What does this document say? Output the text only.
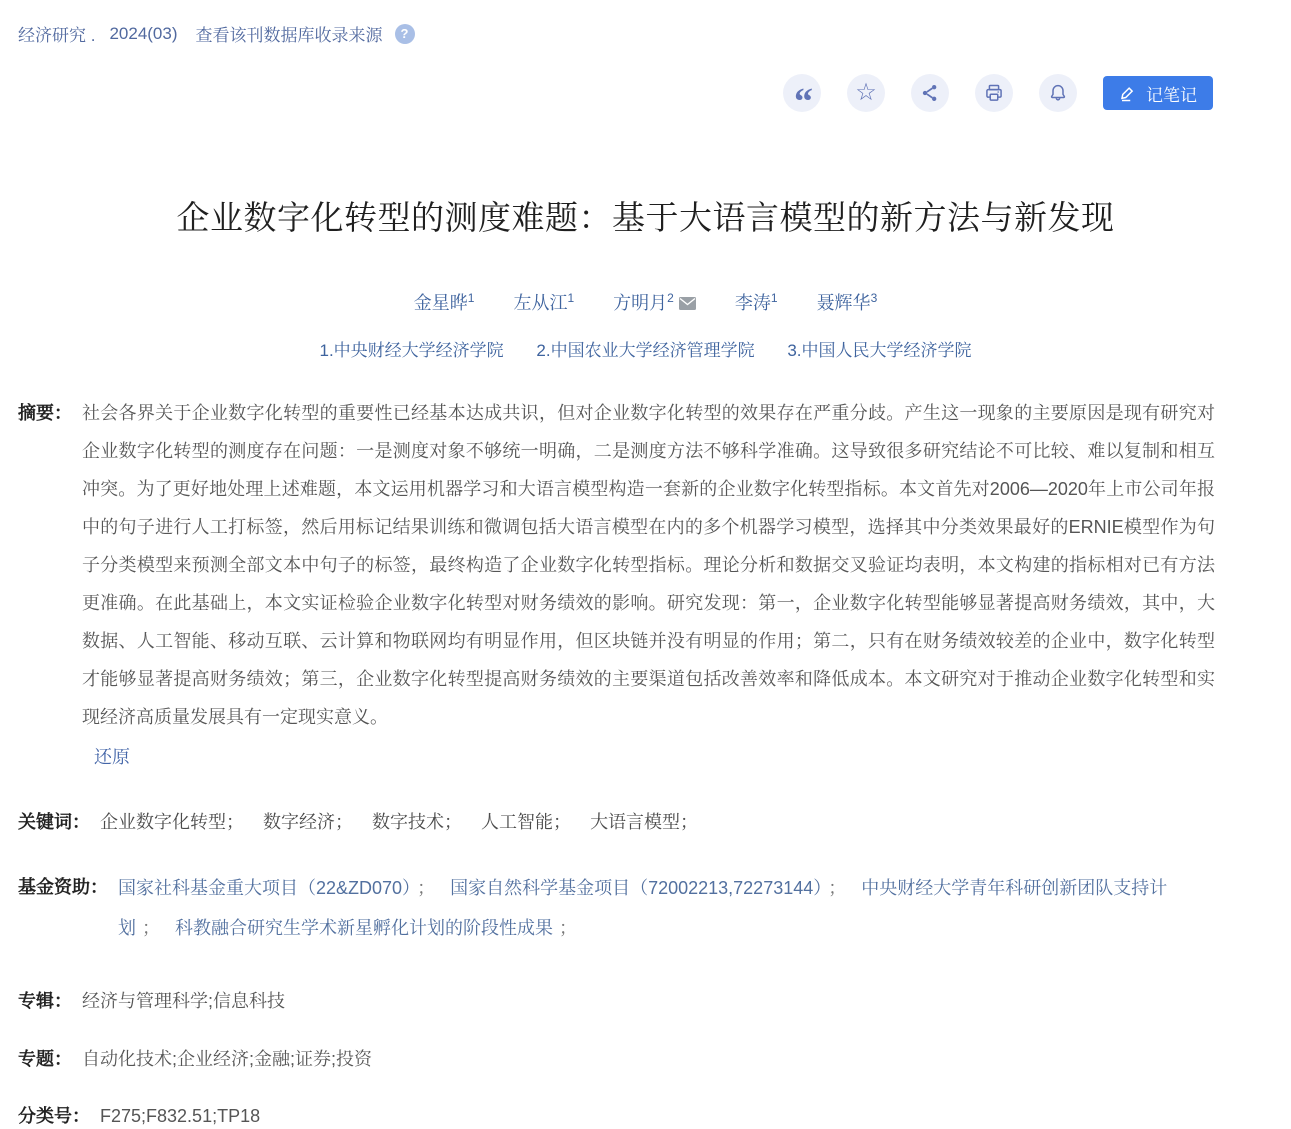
经济研究 . 2024(03) 查看该刊数据库收录来源	?
“ ☆	记笔记
企业数字化转型的测度难题：基于大语言模型的新方法与新发现
金星晔$^1$ 左从江$^1$ 方明月$^2$	李涛$^1$ 聂辉华$^3$
1.中央财经大学经济学院 2.中国农业大学经济管理学院 3.中国人民大学经济学院
摘要： 社会各界关于企业数字化转型的重要性已经基本达成共识，但对企业数字化转型的效果存在严重分歧。产生这一现象的主要原因是现有研究对企业数字化转型的测度存在问题：一是测度对象不够统一明确，二是测度方法不够科学准确。这导致很多研究结论不可比较、难以复制和相互冲突。为了更好地处理上述难题，本文运用机器学习和大语言模型构造一套新的企业数字化转型指标。本文首先对2006—2020年上市公司年报中的句子进行人工打标签，然后用标记结果训练和微调包括大语言模型在内的多个机器学习模型，选择其中分类效果最好的ERNIE模型作为句子分类模型来预测全部文本中句子的标签，最终构造了企业数字化转型指标。理论分析和数据交叉验证均表明，本文构建的指标相对已有方法更准确。在此基础上，本文实证检验企业数字化转型对财务绩效的影响。研究发现：第一，企业数字化转型能够显著提高财务绩效，其中，大数据、人工智能、移动互联、云计算和物联网均有明显作用，但区块链并没有明显的作用；第二，只有在财务绩效较差的企业中，数字化转型才能够显著提高财务绩效；第三，企业数字化转型提高财务绩效的主要渠道包括改善效率和降低成本。本文研究对于推动企业数字化转型和实现经济高质量发展具有一定现实意义。
还原
关键词： 企业数字化转型； 数字经济； 数字技术； 人工智能； 大语言模型；
基金资助： 国家社科基金重大项目（22&ZD070） ； 国家自然科学基金项目（72002213,72273144） ； 中央财经大学青年科研创新团队支持计划 ； 科教融合研究生学术新星孵化计划的阶段性成果 ；
专辑： 经济与管理科学;信息科技
专题： 自动化技术;企业经济;金融;证券;投资
分类号： F275;F832.51;TP18
